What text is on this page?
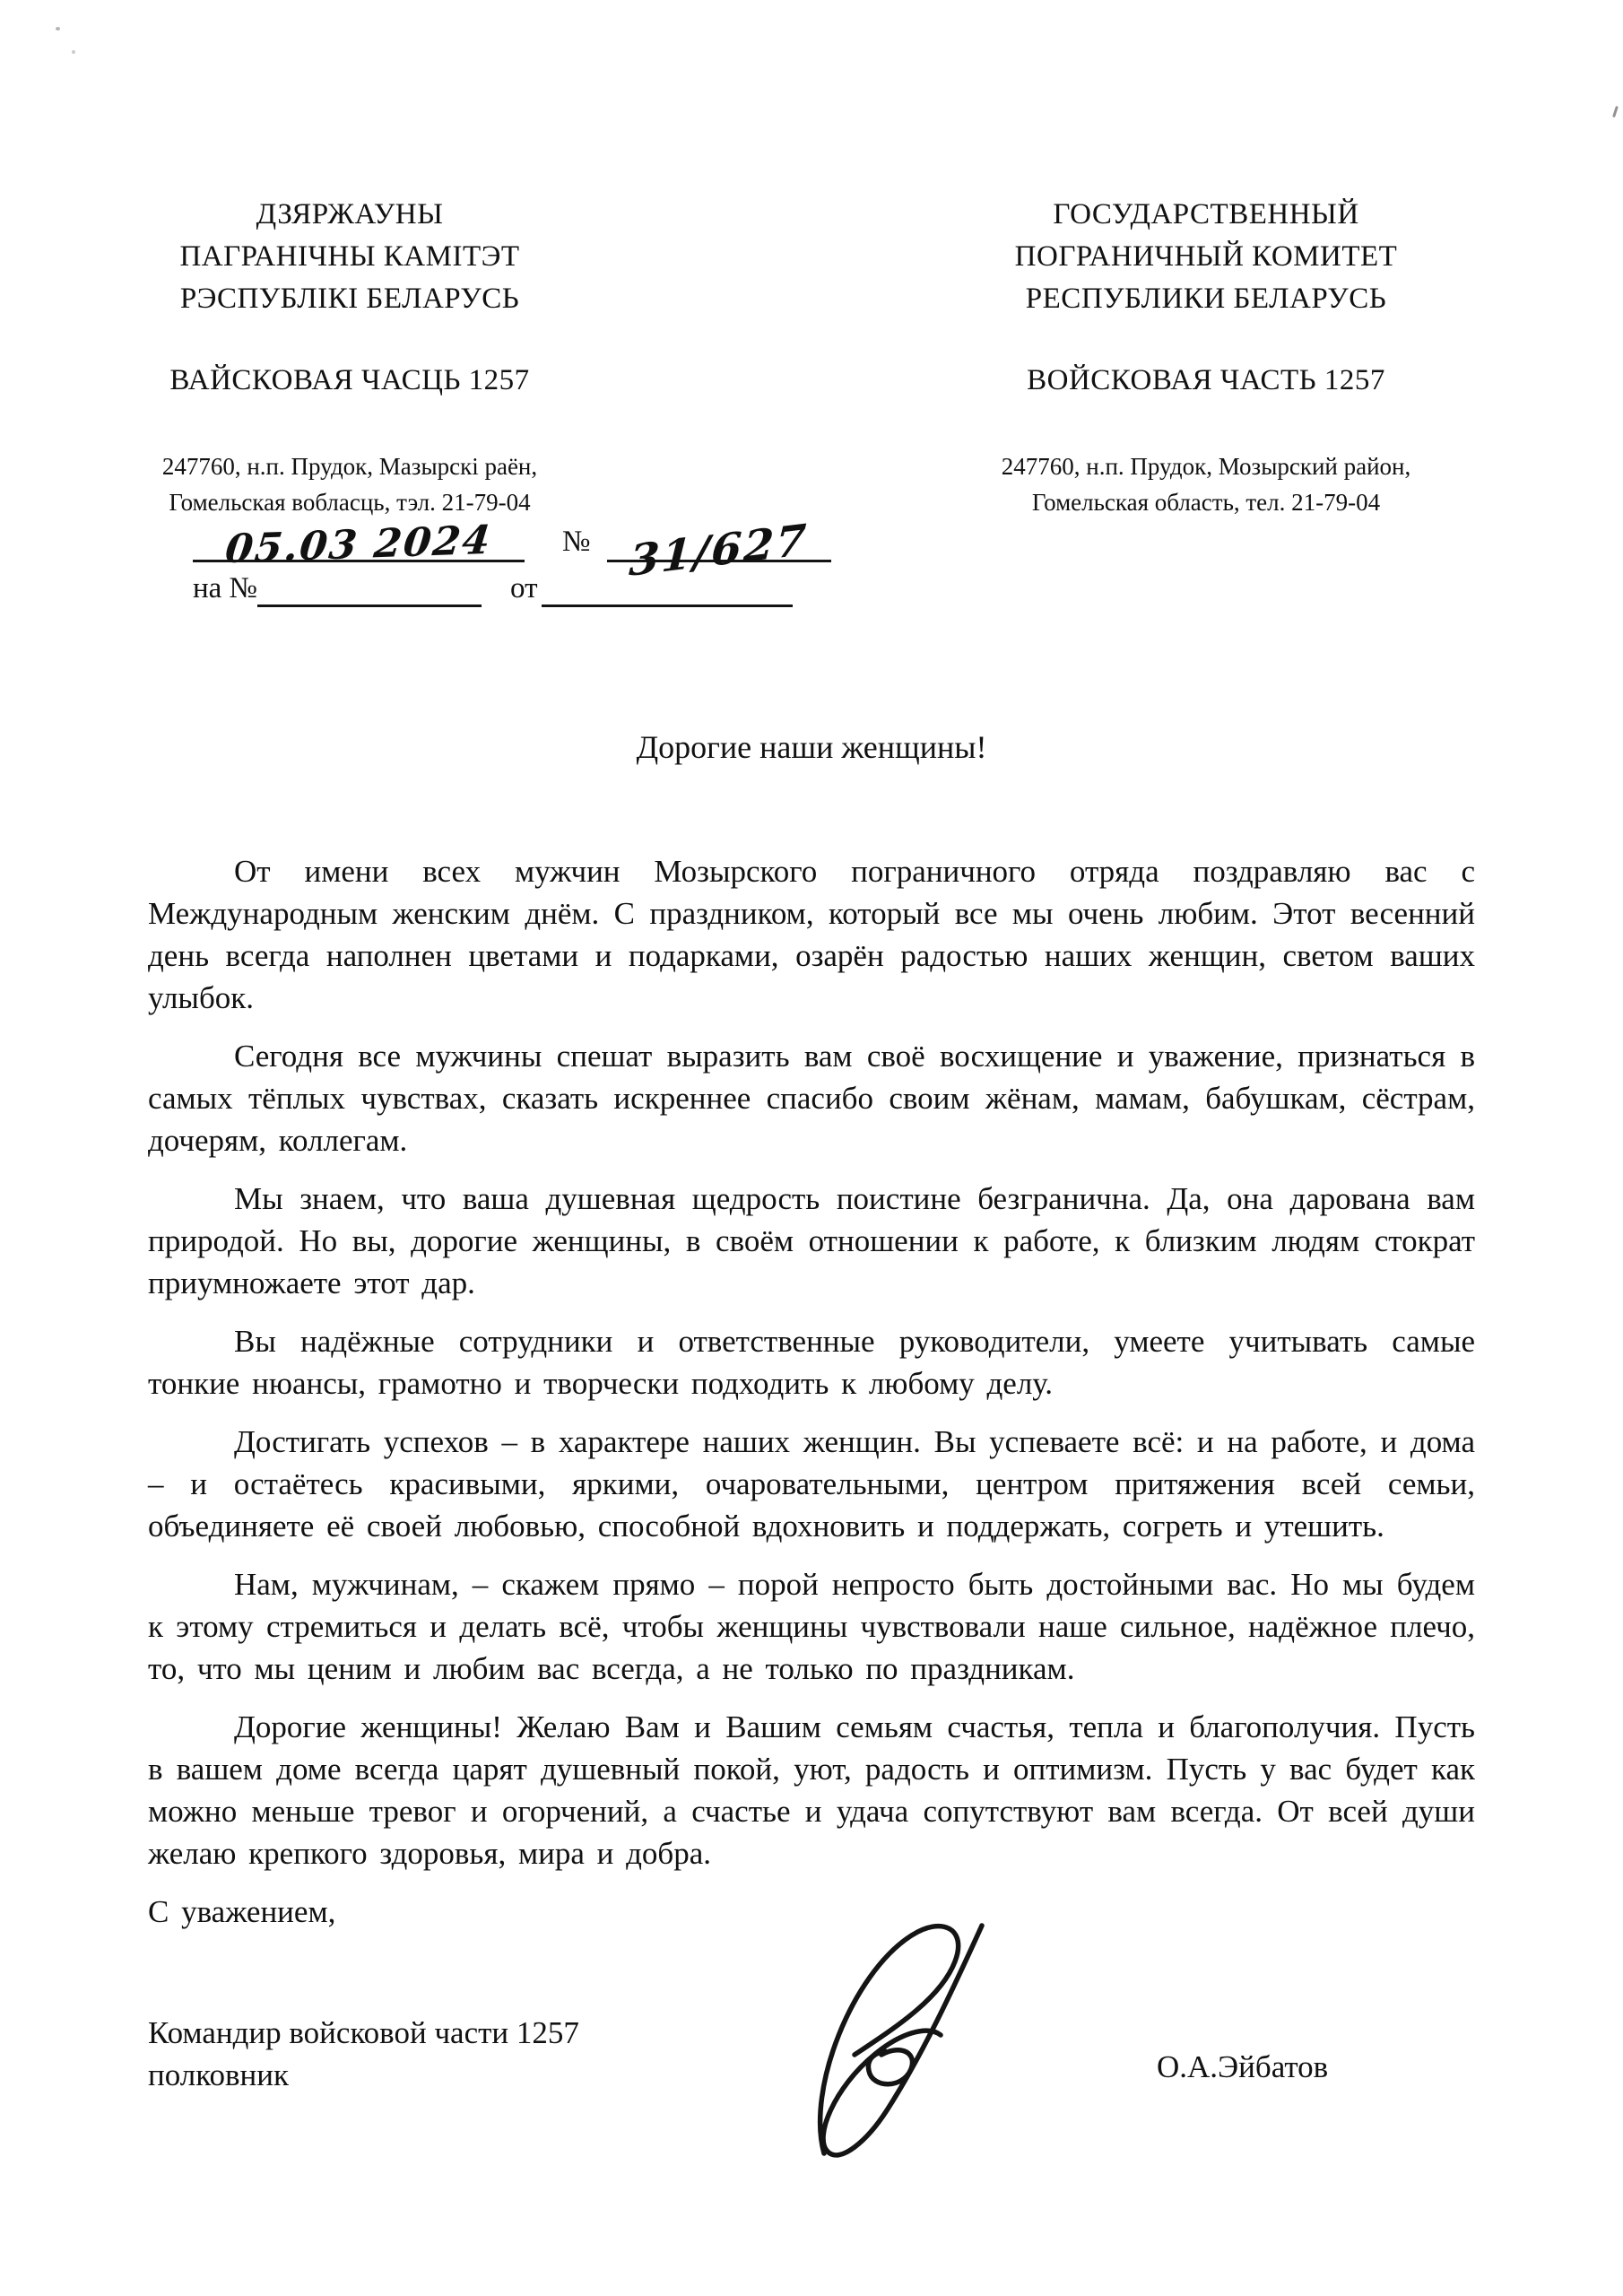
ДЗЯРЖАУНЫ
ПАГРАНІЧНЫ КАМІТЭТ
РЭСПУБЛІКІ БЕЛАРУСЬ
ВАЙСКОВАЯ ЧАСЦЬ 1257
247760, н.п. Прудок, Мазырскі раён,
Гомельская вобласць, тэл. 21-79-04
ГОСУДАРСТВЕННЫЙ
ПОГРАНИЧНЫЙ КОМИТЕТ
РЕСПУБЛИКИ БЕЛАРУСЬ
ВОЙСКОВАЯ ЧАСТЬ 1257
247760, н.п. Прудок, Мозырский район,
Гомельская область, тел. 21-79-04
05.03 2024 № 31/627
на №	от
Дорогие наши женщины!

От имени всех мужчин Мозырского пограничного отряда поздравляю вас с Международным женским днём. С праздником, который все мы очень любим. Этот весенний день всегда наполнен цветами и подарками, озарён радостью наших женщин, светом ваших улыбок.

Сегодня все мужчины спешат выразить вам своё восхищение и уважение, признаться в самых тёплых чувствах, сказать искреннее спасибо своим жёнам, мамам, бабушкам, сёстрам, дочерям, коллегам.

Мы знаем, что ваша душевная щедрость поистине безгранична. Да, она дарована вам природой. Но вы, дорогие женщины, в своём отношении к работе, к близким людям стократ приумножаете этот дар.

Вы надёжные сотрудники и ответственные руководители, умеете учитывать самые тонкие нюансы, грамотно и творчески подходить к любому делу.

Достигать успехов – в характере наших женщин. Вы успеваете всё: и на работе, и дома – и остаётесь красивыми, яркими, очаровательными, центром притяжения всей семьи, объединяете её своей любовью, способной вдохновить и поддержать, согреть и утешить.

Нам, мужчинам, – скажем прямо – порой непросто быть достойными вас. Но мы будем к этому стремиться и делать всё, чтобы женщины чувствовали наше сильное, надёжное плечо, то, что мы ценим и любим вас всегда, а не только по праздникам.

Дорогие женщины! Желаю Вам и Вашим семьям счастья, тепла и благополучия. Пусть в вашем доме всегда царят душевный покой, уют, радость и оптимизм. Пусть у вас будет как можно меньше тревог и огорчений, а счастье и удача сопутствуют вам всегда. От всей души желаю крепкого здоровья, мира и добра.

С уважением,

Командир войсковой части 1257
полковник	О.А.Эйбатов
